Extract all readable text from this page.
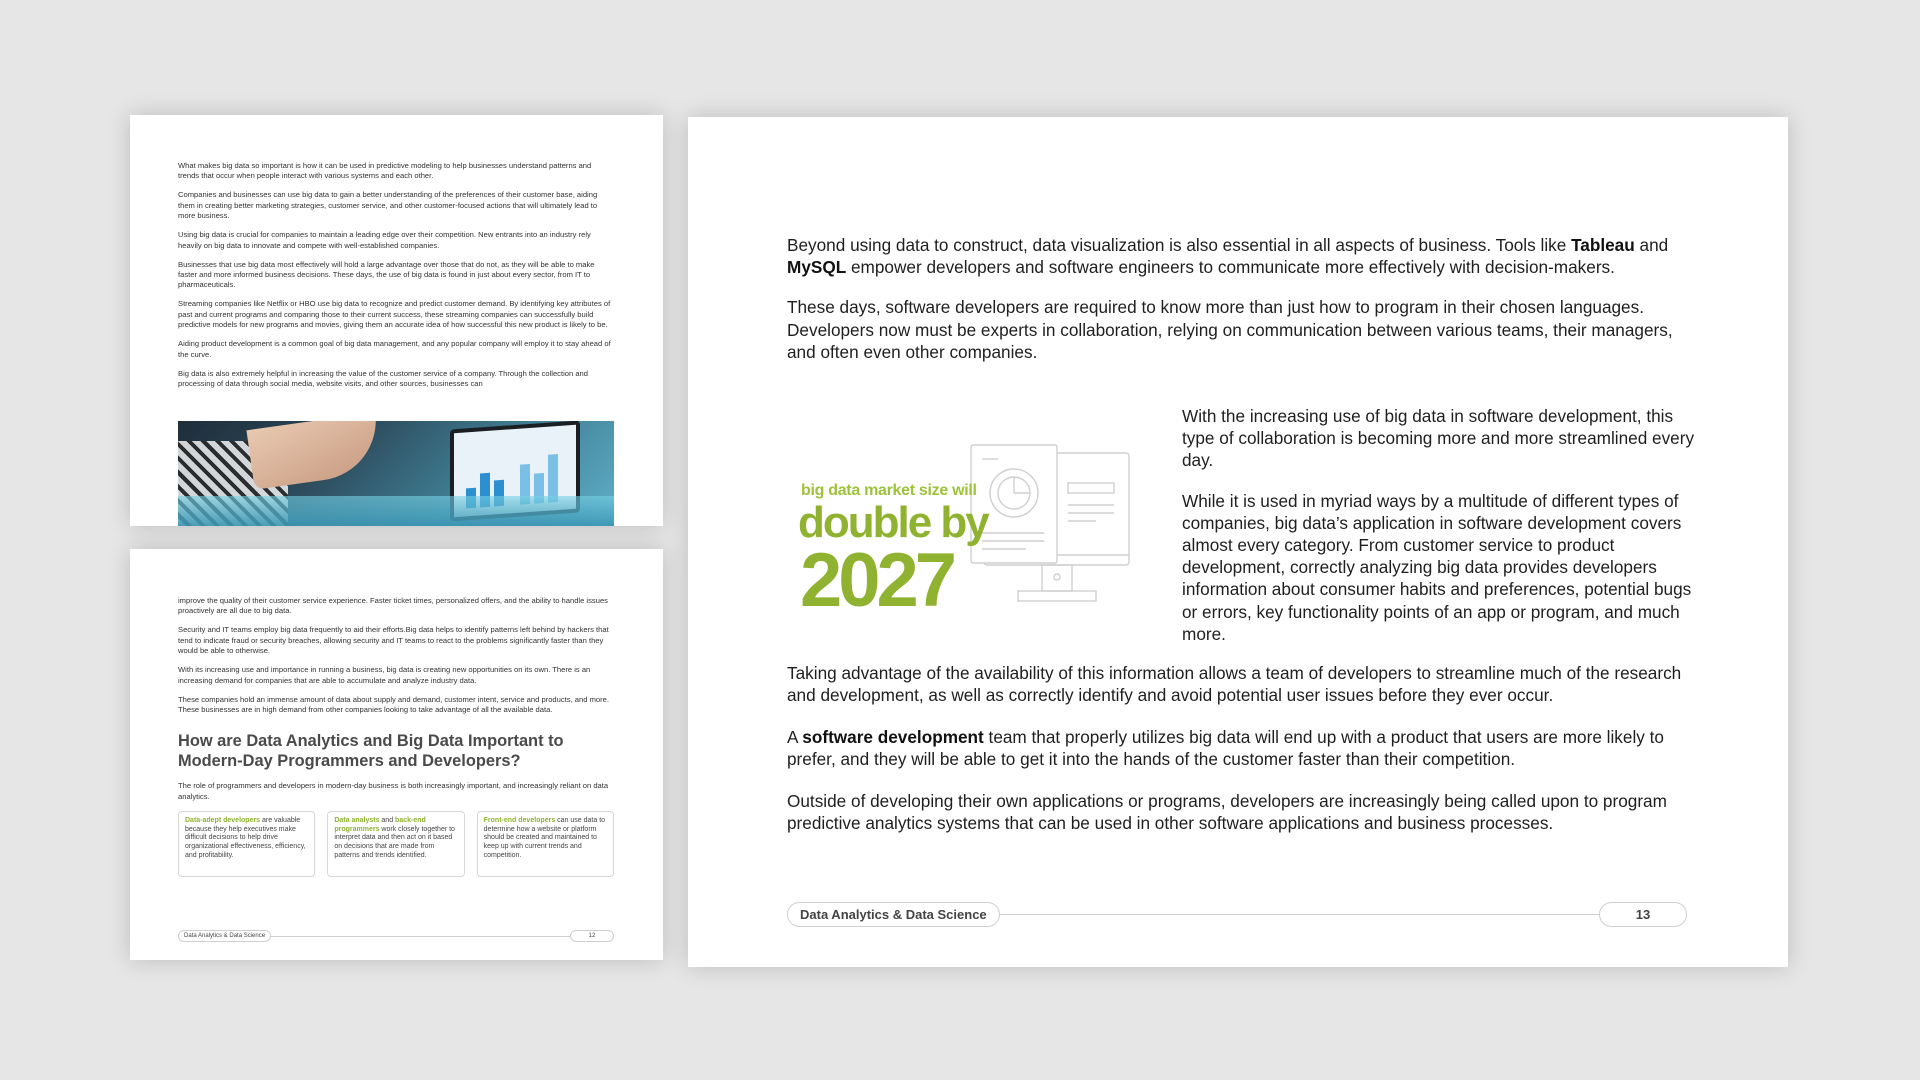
What makes big data so important is how it can be used in predictive modeling to help businesses understand patterns and trends that occur when people interact with various systems and each other.

Companies and businesses can use big data to gain a better understanding of the preferences of their customer base, aiding them in creating better marketing strategies, customer service, and other customer-focused actions that will ultimately lead to more business.

Using big data is crucial for companies to maintain a leading edge over their competition. New entrants into an industry rely heavily on big data to innovate and compete with well-established companies.

Businesses that use big data most effectively will hold a large advantage over those that do not, as they will be able to make faster and more informed business decisions. These days, the use of big data is found in just about every sector, from IT to pharmaceuticals.

Streaming companies like Netflix or HBO use big data to recognize and predict customer demand. By identifying key attributes of past and current programs and comparing those to their current success, these streaming companies can successfully build predictive models for new programs and movies, giving them an accurate idea of how successful this new product is likely to be.

Aiding product development is a common goal of big data management, and any popular company will employ it to stay ahead of the curve.

Big data is also extremely helpful in increasing the value of the customer service of a company. Through the collection and processing of data through social media, website visits, and other sources, businesses can

improve the quality of their customer service experience. Faster ticket times, personalized offers, and the ability to handle issues proactively are all due to big data.

Security and IT teams employ big data frequently to aid their efforts.Big data helps to identify patterns left behind by hackers that tend to indicate fraud or security breaches, allowing security and IT teams to react to the problems significantly faster than they would be able to otherwise.

With its increasing use and importance in running a business, big data is creating new opportunities on its own. There is an increasing demand for companies that are able to accumulate and analyze industry data.

These companies hold an immense amount of data about supply and demand, customer intent, service and products, and more. These businesses are in high demand from other companies looking to take advantage of all the available data.

How are Data Analytics and Big Data Important to Modern-Day Programmers and Developers?

The role of programmers and developers in modern-day business is both increasingly important, and increasingly reliant on data analytics.

Data-adept developers are valuable because they help executives make difficult decisions to help drive organizational effectiveness, efficiency, and profitability.
Data analysts and back-end programmers work closely together to interpret data and then act on it based on decisions that are made from patterns and trends identified.
Front-end developers can use data to determine how a website or platform should be created and maintained to keep up with current trends and competition.
Data Analytics & Data Science	12

Beyond using data to construct, data visualization is also essential in all aspects of business. Tools like Tableau and MySQL empower developers and software engineers to communicate more effectively with decision-makers.

These days, software developers are required to know more than just how to program in their chosen languages. Developers now must be experts in collaboration, relying on communication between various teams, their managers, and often even other companies.

big data market size will
double by
2027

With the increasing use of big data in software development, this type of collaboration is becoming more and more streamlined every day.

While it is used in myriad ways by a multitude of different types of companies, big data’s application in software development covers almost every category. From customer service to product development, correctly analyzing big data provides developers information about consumer habits and preferences, potential bugs or errors, key functionality points of an app or program, and much more.

Taking advantage of the availability of this information allows a team of developers to streamline much of the research and development, as well as correctly identify and avoid potential user issues before they ever occur.

A software development team that properly utilizes big data will end up with a product that users are more likely to prefer, and they will be able to get it into the hands of the customer faster than their competition.

Outside of developing their own applications or programs, developers are increasingly being called upon to program predictive analytics systems that can be used in other software applications and business processes.

Data Analytics & Data Science	13
